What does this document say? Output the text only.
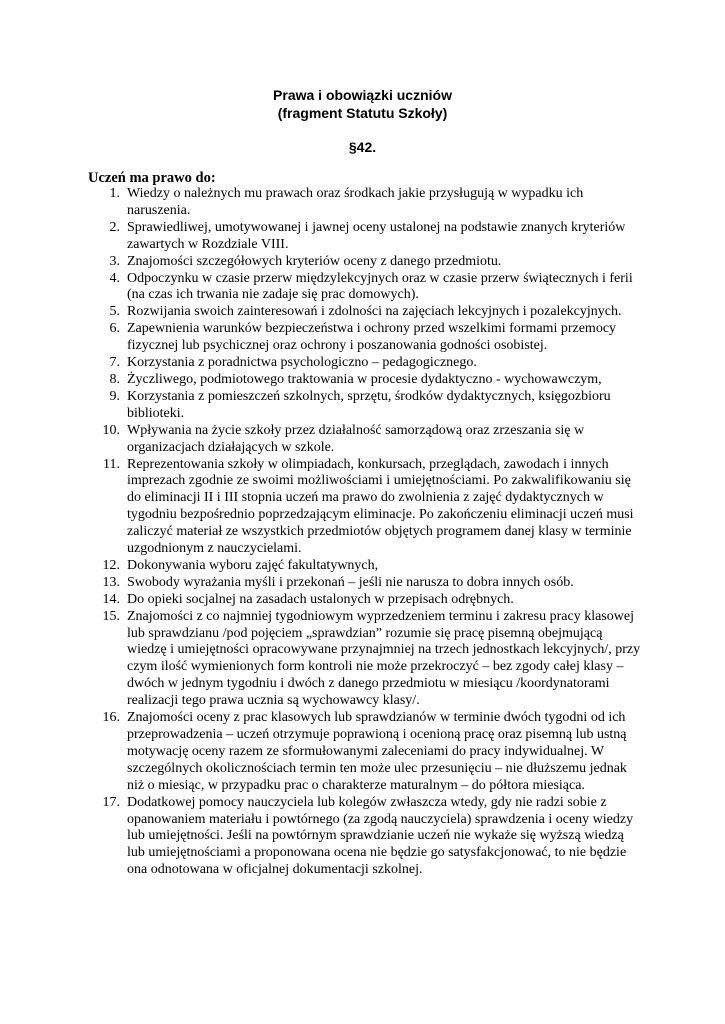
Prawa i obowiązki uczniów
(fragment Statutu Szkoły)
§42.
Uczeń ma prawo do:
1. Wiedzy o należnych mu prawach oraz środkach jakie przysługują w wypadku ich naruszenia.
2. Sprawiedliwej, umotywowanej i jawnej oceny ustalonej na podstawie znanych kryteriów zawartych w Rozdziale VIII.
3. Znajomości szczegółowych kryteriów oceny z danego przedmiotu.
4. Odpoczynku w czasie przerw międzylekcyjnych oraz w czasie przerw świątecznych i ferii (na czas ich trwania nie zadaje się prac domowych).
5. Rozwijania swoich zainteresowań i zdolności na zajęciach lekcyjnych i pozalekcyjnych.
6. Zapewnienia warunków bezpieczeństwa i ochrony przed wszelkimi formami przemocy fizycznej lub psychicznej oraz ochrony i poszanowania godności osobistej.
7. Korzystania z poradnictwa psychologiczno – pedagogicznego.
8. Życzliwego, podmiotowego traktowania w procesie dydaktyczno - wychowawczym,
9. Korzystania z pomieszczeń szkolnych, sprzętu, środków dydaktycznych, księgozbioru biblioteki.
10. Wpływania na życie szkoły przez działalność samorządową oraz zrzeszania się w organizacjach działających w szkole.
11. Reprezentowania szkoły w olimpiadach, konkursach, przeglądach, zawodach i innych imprezach zgodnie ze swoimi możliwościami i umiejętnościami. Po zakwalifikowaniu się do eliminacji II i III stopnia uczeń ma prawo do zwolnienia z zajęć dydaktycznych w tygodniu bezpośrednio poprzedzającym eliminacje. Po zakończeniu eliminacji uczeń musi zaliczyć materiał ze wszystkich przedmiotów objętych programem danej klasy w terminie uzgodnionym z nauczycielami.
12. Dokonywania wyboru zajęć fakultatywnych,
13. Swobody wyrażania myśli i przekonań – jeśli nie narusza to dobra innych osób.
14. Do opieki socjalnej na zasadach ustalonych w przepisach odrębnych.
15. Znajomości z co najmniej tygodniowym wyprzedzeniem terminu i zakresu pracy klasowej lub sprawdzianu /pod pojęciem „sprawdzian” rozumie się pracę pisemną obejmującą wiedzę i umiejętności opracowywane przynajmniej na trzech jednostkach lekcyjnych/, przy czym ilość wymienionych form kontroli nie może przekroczyć – bez zgody całej klasy – dwóch w jednym tygodniu i dwóch z danego przedmiotu w miesiącu /koordynatorami realizacji tego prawa ucznia są wychowawcy klasy/.
16. Znajomości oceny z prac klasowych lub sprawdzianów w terminie dwóch tygodni od ich przeprowadzenia – uczeń otrzymuje poprawioną i ocenioną pracę oraz pisemną lub ustną motywację oceny razem ze sformułowanymi zaleceniami do pracy indywidualnej. W szczególnych okolicznościach termin ten może ulec przesunięciu – nie dłuższemu jednak niż o miesiąc, w przypadku prac o charakterze maturalnym – do półtora miesiąca.
17. Dodatkowej pomocy nauczyciela lub kolegów zwłaszcza wtedy, gdy nie radzi sobie z opanowaniem materiału i powtórnego (za zgodą nauczyciela) sprawdzenia i oceny wiedzy lub umiejętności. Jeśli na powtórnym sprawdzianie uczeń nie wykaże się wyższą wiedzą lub umiejętnościami a proponowana ocena nie będzie go satysfakcjonować, to nie będzie ona odnotowana w oficjalnej dokumentacji szkolnej.
